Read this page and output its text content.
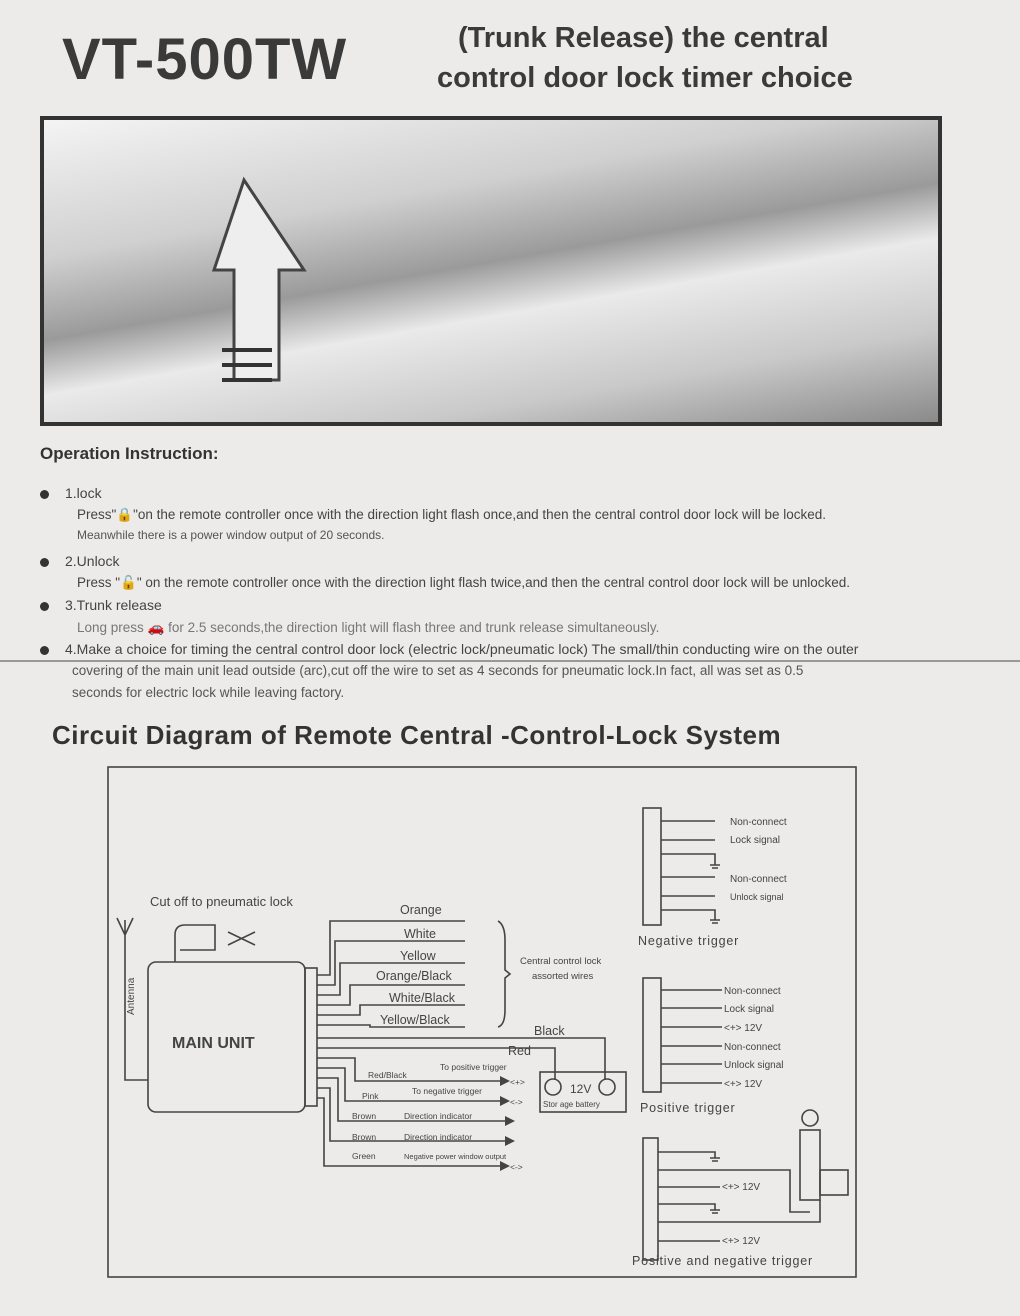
VT-500TW	(Trunk Release) the central
control door lock timer choice
Operation Instruction:
1.lock
Press"🔒"on the remote controller once with the direction light flash once,and then the central control door lock will be locked.
Meanwhile there is a power window output of 20 seconds.
2.Unlock
Press "🔓" on the remote controller once with the direction light flash twice,and then the central control door lock will be unlocked.
3.Trunk release
Long press 🚗 for 2.5 seconds,the direction light will flash three and trunk release simultaneously.
4.Make a choice for timing the central control door lock (electric lock/pneumatic lock) The small/thin conducting wire on the outer
covering of the main unit lead outside (arc),cut off the wire to set as 4 seconds for pneumatic lock.In fact, all was set as 0.5
seconds for electric lock while leaving factory.
Circuit Diagram of Remote Central -Control-Lock System
Cut off to pneumatic lock
Antenna
MAIN UNIT
Orange
White
Yellow
Orange/Black
White/Black
Yellow/Black
Black
Red
Central control lock
assorted wires
Red/Black
To positive trigger
<+>
Pink	To negative trigger
<->
Brown	Direction indicator
Brown	Direction indicator
Green	Negative power window output
<->
Stor age battery
12V
Non-connect
Lock signal
Non-connect
Unlock signal
Non-connect
Lock signal
<+> 12V
Non-connect
Unlock signal
<+> 12V
<+> 12V
<+> 12V
Negative trigger
Positive trigger
Positive and negative trigger
